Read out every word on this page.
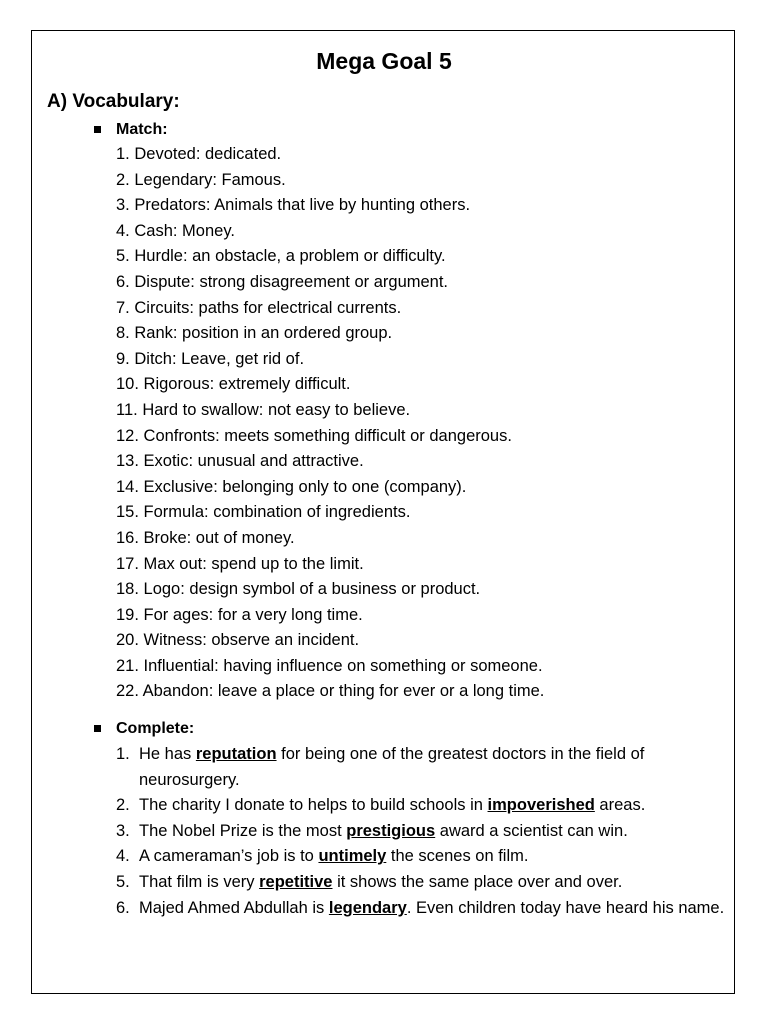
Mega Goal 5
A) Vocabulary:
Match:
1. Devoted: dedicated.
2. Legendary: Famous.
3. Predators: Animals that live by hunting others.
4. Cash: Money.
5. Hurdle: an obstacle, a problem or difficulty.
6. Dispute: strong disagreement or argument.
7. Circuits: paths for electrical currents.
8. Rank: position in an ordered group.
9. Ditch: Leave, get rid of.
10. Rigorous: extremely difficult.
11. Hard to swallow: not easy to believe.
12. Confronts: meets something difficult or dangerous.
13. Exotic: unusual and attractive.
14. Exclusive: belonging only to one (company).
15. Formula: combination of ingredients.
16. Broke: out of money.
17. Max out: spend up to the limit.
18. Logo: design symbol of a business or product.
19. For ages: for a very long time.
20. Witness: observe an incident.
21. Influential: having influence on something or someone.
22. Abandon: leave a place or thing for ever or a long time.
Complete:
1. He has reputation for being one of the greatest doctors in the field of neurosurgery.
2. The charity I donate to helps to build schools in impoverished areas.
3. The Nobel Prize is the most prestigious award a scientist can win.
4. A cameraman’s job is to untimely the scenes on film.
5. That film is very repetitive it shows the same place over and over.
6. Majed Ahmed Abdullah is legendary. Even children today have heard his name.
